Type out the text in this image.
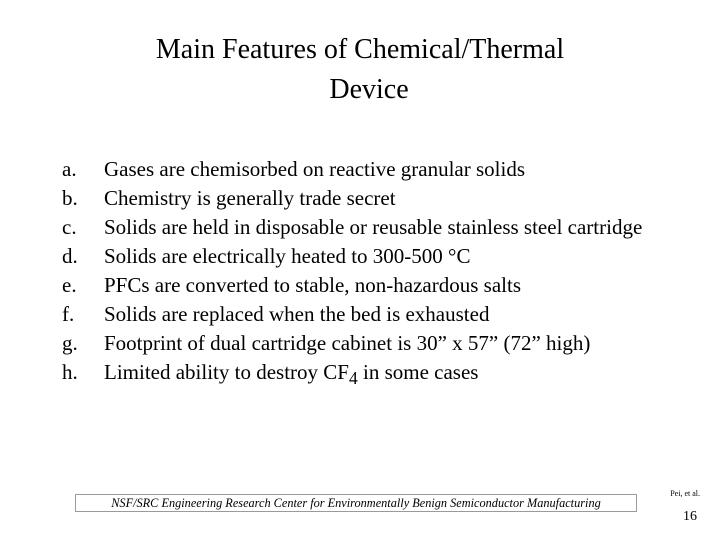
Main Features of Chemical/Thermal
Device
a. Gases are chemisorbed on reactive granular solids
b. Chemistry is generally trade secret
c. Solids are held in disposable or reusable stainless steel cartridge
d. Solids are electrically heated to 300-500 °C
e. PFCs are converted to stable, non-hazardous salts
f. Solids are replaced when the bed is exhausted
g. Footprint of dual cartridge cabinet is 30” x 57” (72” high)
h. Limited ability to destroy $CF_4$ in some cases
NSF/SRC Engineering Research Center for Environmentally Benign Semiconductor Manufacturing
Pei, et al.
16
